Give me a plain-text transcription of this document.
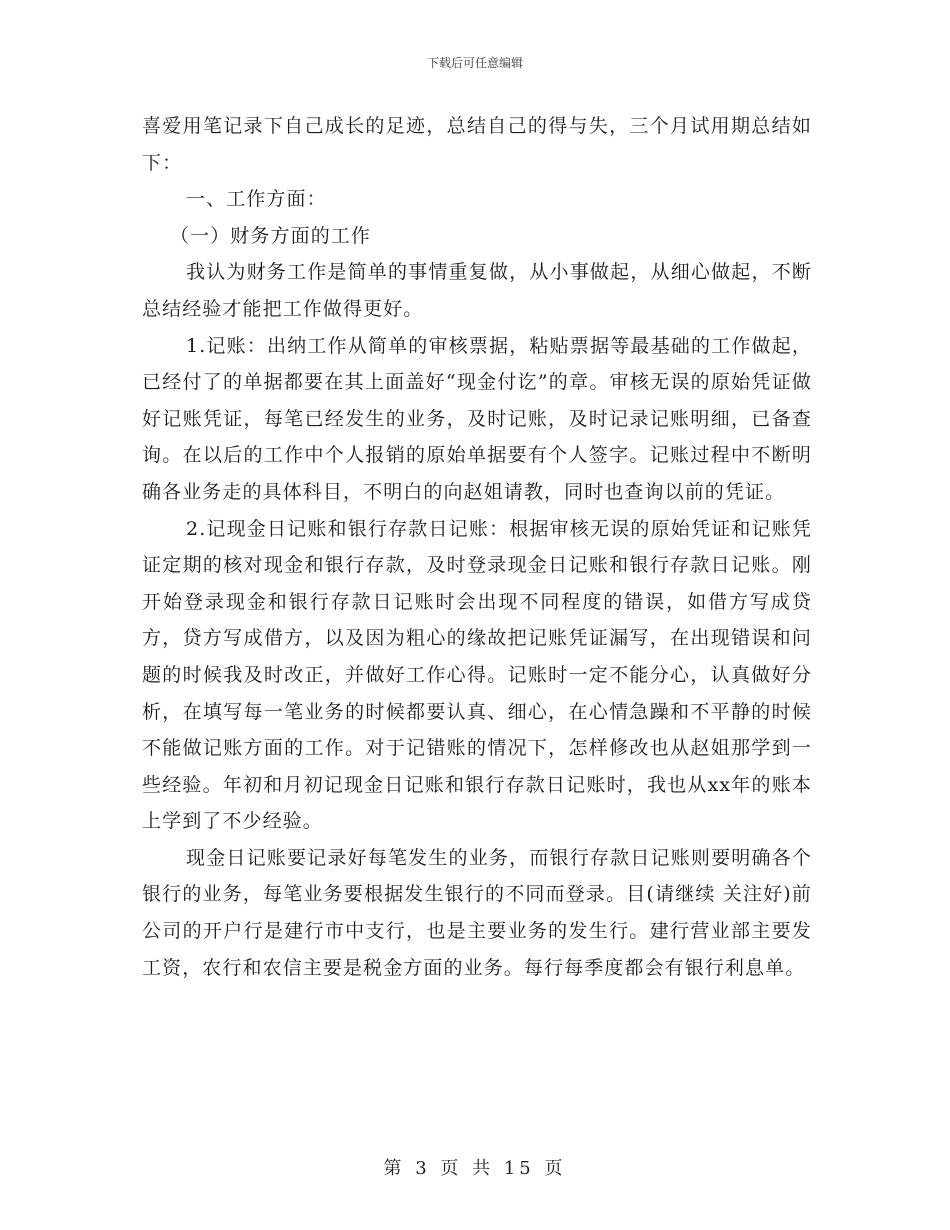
下载后可任意编辑

喜爱用笔记录下自己成长的足迹，总结自己的得与失，三个月试用期总结如下：

一、工作方面：

（一）财务方面的工作

我认为财务工作是简单的事情重复做，从小事做起，从细心做起，不断总结经验才能把工作做得更好。

1.记账：出纳工作从简单的审核票据，粘贴票据等最基础的工作做起，已经付了的单据都要在其上面盖好“现金付讫”的章。审核无误的原始凭证做好记账凭证，每笔已经发生的业务，及时记账，及时记录记账明细，已备查询。在以后的工作中个人报销的原始单据要有个人签字。记账过程中不断明确各业务走的具体科目，不明白的向赵姐请教，同时也查询以前的凭证。

2.记现金日记账和银行存款日记账：根据审核无误的原始凭证和记账凭证定期的核对现金和银行存款，及时登录现金日记账和银行存款日记账。刚开始登录现金和银行存款日记账时会出现不同程度的错误，如借方写成贷方，贷方写成借方，以及因为粗心的缘故把记账凭证漏写，在出现错误和问题的时候我及时改正，并做好工作心得。记账时一定不能分心，认真做好分析，在填写每一笔业务的时候都要认真、细心，在心情急躁和不平静的时候不能做记账方面的工作。对于记错账的情况下，怎样修改也从赵姐那学到一些经验。年初和月初记现金日记账和银行存款日记账时，我也从xx年的账本上学到了不少经验。

现金日记账要记录好每笔发生的业务，而银行存款日记账则要明确各个银行的业务，每笔业务要根据发生银行的不同而登录。目(请继续 关注好)前公司的开户行是建行市中支行，也是主要业务的发生行。建行营业部主要发工资，农行和农信主要是税金方面的业务。每行每季度都会有银行利息单。

第 3 页 共 15 页
